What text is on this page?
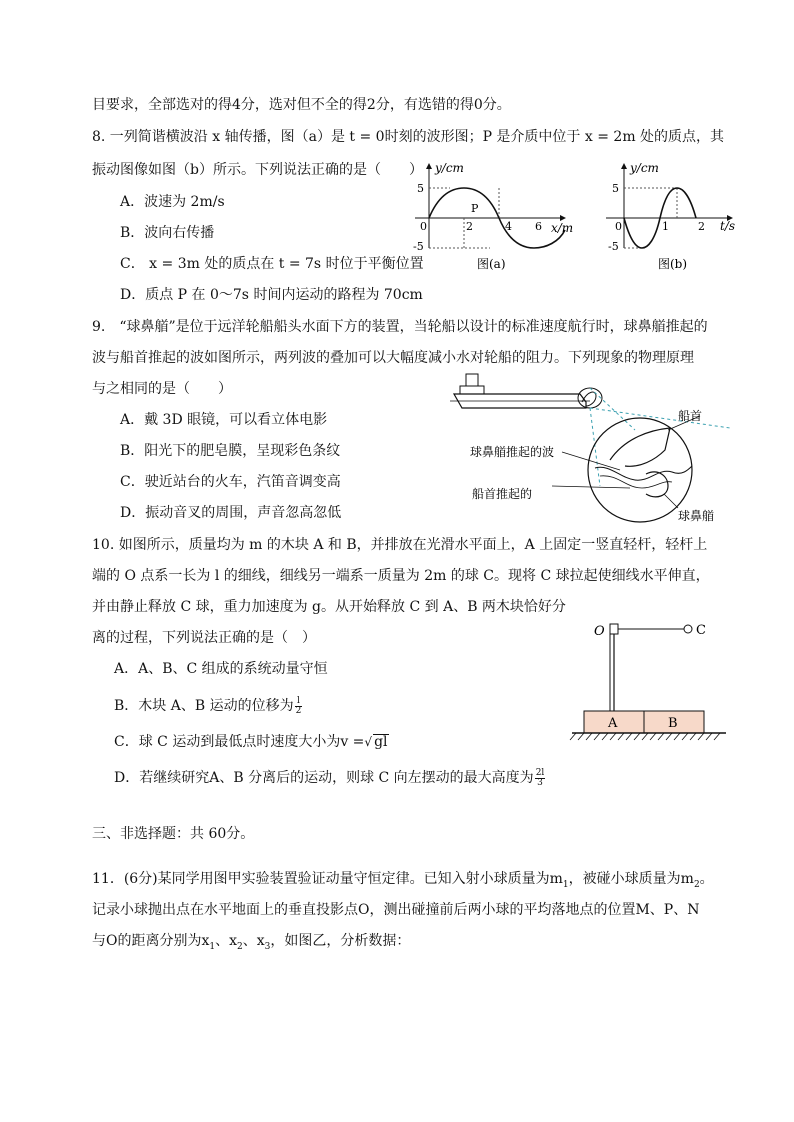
目要求，全部选对的得4分，选对但不全的得2分，有选错的得0分。
8. 一列简谐横波沿 x 轴传播，图（a）是 t = 0时刻的波形图；P 是介质中位于 x = 2m 处的质点，其
振动图像如图（b）所示。下列说法正确的是（　　）
A．波速为 2m/s
B．波向右传播
C． x = 3m 处的质点在 t = 7s 时位于平衡位置
D．质点 P 在 0～7s 时间内运动的路程为 70cm
y/cm
x/m
5
-5
0	2	4 6
P
图(a)
y/cm
t/s
5
-5
0	1	2
图(b)
9.　“球鼻艏”是位于远洋轮船船头水面下方的装置，当轮船以设计的标准速度航行时，球鼻艏推起的
波与船首推起的波如图所示，两列波的叠加可以大幅度减小水对轮船的阻力。下列现象的物理原理
与之相同的是（　　）
A．戴 3D 眼镜，可以看立体电影
B．阳光下的肥皂膜，呈现彩色条纹
C．驶近站台的火车，汽笛音调变高
D．振动音叉的周围，声音忽高忽低
船首
球鼻艏推起的波
船首推起的
球鼻艏
10. 如图所示，质量均为 m 的木块 A 和 B，并排放在光滑水平面上，A 上固定一竖直轻杆，轻杆上
端的 O 点系一长为 l 的细线，细线另一端系一质量为 2m 的球 C。现将 C 球拉起使细线水平伸直，
并由静止释放 C 球，重力加速度为 g。从开始释放 C 到 A、B 两木块恰好分
离的过程，下列说法正确的是（　）
A．A、B、C 组成的系统动量守恒
B．木块 A、B 运动的位移为 $\frac{l}{2}$
C．球 C 运动到最低点时速度大小为v =√ gl
D．若继续研究A、B 分离后的运动，则球 C 向左摆动的最大高度为 $\frac{2l}{3}$
O	C
A	B
三、非选择题：共 60分。
11．(6分)某同学用图甲实验装置验证动量守恒定律。已知入射小球质量为$m_1$，被碰小球质量为$m_2$。
记录小球抛出点在水平地面上的垂直投影点O，测出碰撞前后两小球的平均落地点的位置M、P、N
与O的距离分别为$x_1$、$x_2$、$x_3$，如图乙，分析数据：
